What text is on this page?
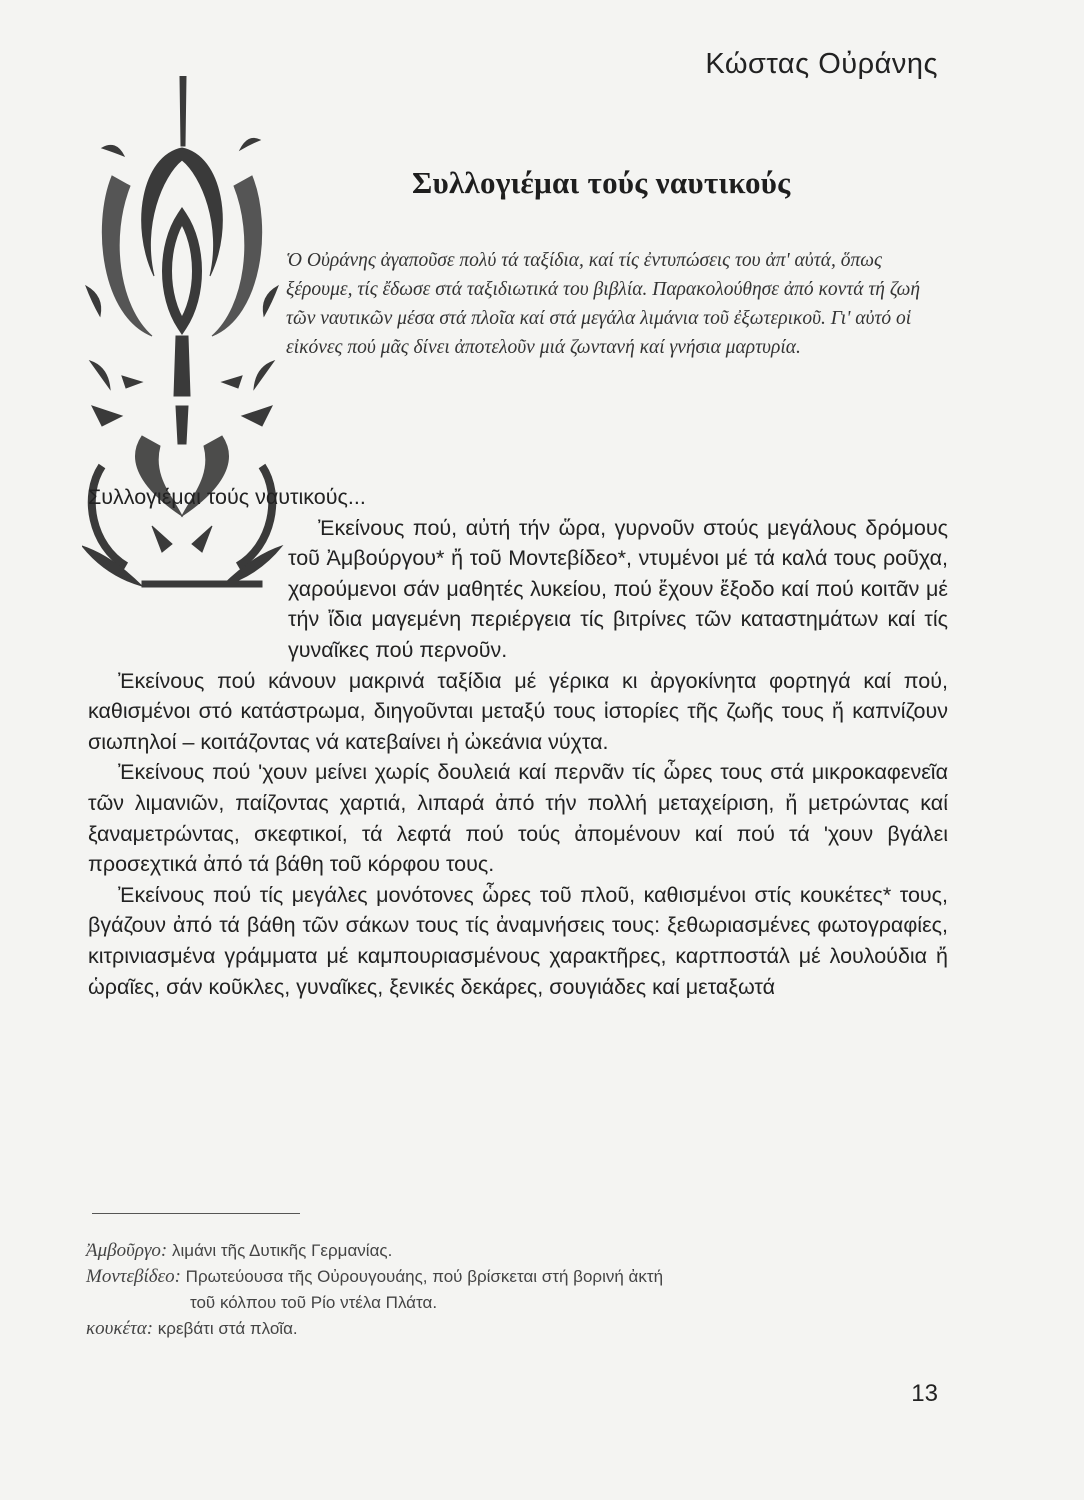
Κώστας Οὐράνης
Συλλογιέμαι τούς ναυτικούς

Ὁ Οὐράνης ἀγαποῦσε πολύ τά ταξίδια, καί τίς ἐντυπώσεις του ἀπ' αὐτά, ὅπως ξέρουμε, τίς ἔδωσε στά ταξιδιωτικά του βιβλία. Παρακολούθησε ἀπό κοντά τή ζωή τῶν ναυτικῶν μέσα στά πλοῖα καί στά μεγάλα λιμάνια τοῦ ἐξωτερικοῦ. Γι' αὐτό οἱ εἰκόνες πού μᾶς δίνει ἀποτελοῦν μιά ζωντανή καί γνήσια μαρτυρία.

Συλλογιέμαι τούς ναυτικούς...

Ἐκείνους πού, αὐτή τήν ὥρα, γυρνοῦν στούς μεγάλους δρόμους τοῦ Ἀμβούργου* ἤ τοῦ Μοντεβίδεο*, ντυμένοι μέ τά καλά τους ροῦχα, χαρούμενοι σάν μαθητές λυκείου, πού ἔχουν ἔξοδο καί πού κοιτᾶν μέ τήν ἴδια μαγεμένη περιέργεια τίς βιτρίνες τῶν καταστημάτων καί τίς γυναῖκες πού περνοῦν.

Ἐκείνους πού κάνουν μακρινά ταξίδια μέ γέρικα κι ἀργοκίνητα φορτηγά καί πού, καθισμένοι στό κατάστρωμα, διηγοῦνται μεταξύ τους ἱστορίες τῆς ζωῆς τους ἤ καπνίζουν σιωπηλοί – κοιτάζοντας νά κατεβαίνει ἡ ὠκεάνια νύχτα.

Ἐκείνους πού 'χουν μείνει χωρίς δουλειά καί περνᾶν τίς ὧρες τους στά μικροκαφενεῖα τῶν λιμανιῶν, παίζοντας χαρτιά, λιπαρά ἀπό τήν πολλή μεταχείριση, ἤ μετρώντας καί ξαναμετρώντας, σκεφτικοί, τά λεφτά πού τούς ἀπομένουν καί πού τά 'χουν βγάλει προσεχτικά ἀπό τά βάθη τοῦ κόρφου τους.

Ἐκείνους πού τίς μεγάλες μονότονες ὧρες τοῦ πλοῦ, καθισμένοι στίς κουκέτες* τους, βγάζουν ἀπό τά βάθη τῶν σάκων τους τίς ἀναμνήσεις τους: ξεθωριασμένες φωτογραφίες, κιτρινιασμένα γράμματα μέ καμπουριασμένους χαρακτῆρες, καρτποστάλ μέ λουλούδια ἤ ὡραῖες, σάν κοῦκλες, γυναῖκες, ξενικές δεκάρες, σουγιάδες καί μεταξωτά

Ἀμβοῦργο: λιμάνι τῆς Δυτικῆς Γερμανίας.

Μοντεβίδεο: Πρωτεύουσα τῆς Οὐρουγουάης, πού βρίσκεται στή βορινή ἀκτή

τοῦ κόλπου τοῦ Ρίο ντέλα Πλάτα.

κουκέτα: κρεβάτι στά πλοῖα.

13
